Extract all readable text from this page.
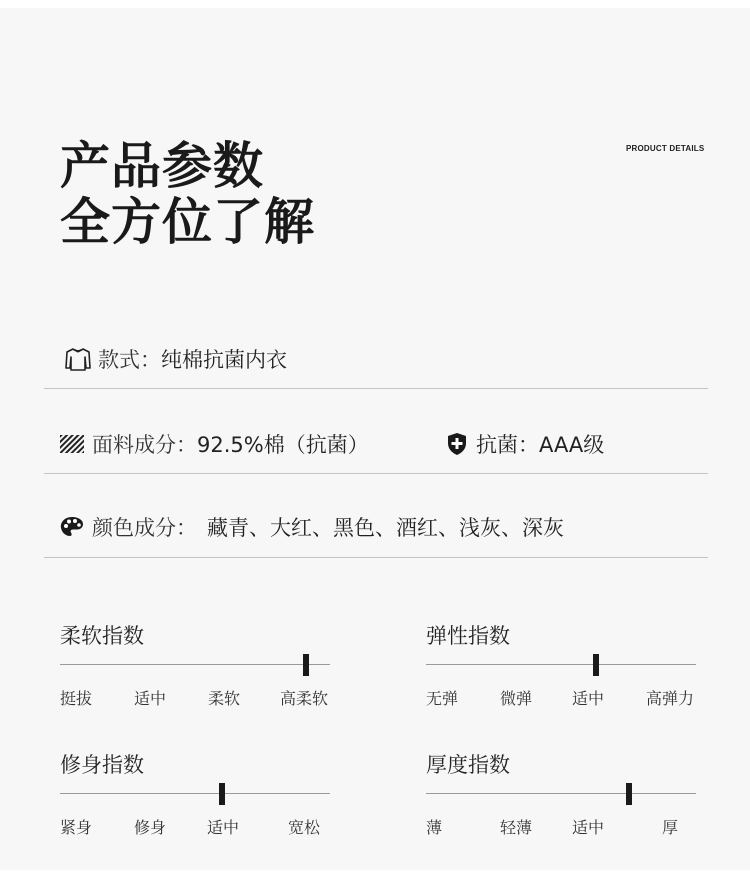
产品参数
全方位了解
PRODUCT DETAILS
款式： 纯棉抗菌内衣
面料成分： 92.5%棉（抗菌）	抗菌： AAA级
颜色成分： 藏青、大红、黑色、酒红、浅灰、深灰
柔软指数
挺拔	适中	柔软 高柔软
弹性指数
无弹	微弹 适中	高弹力
修身指数
紧身	修身	适中	宽松
厚度指数
薄	轻薄 适中	厚
